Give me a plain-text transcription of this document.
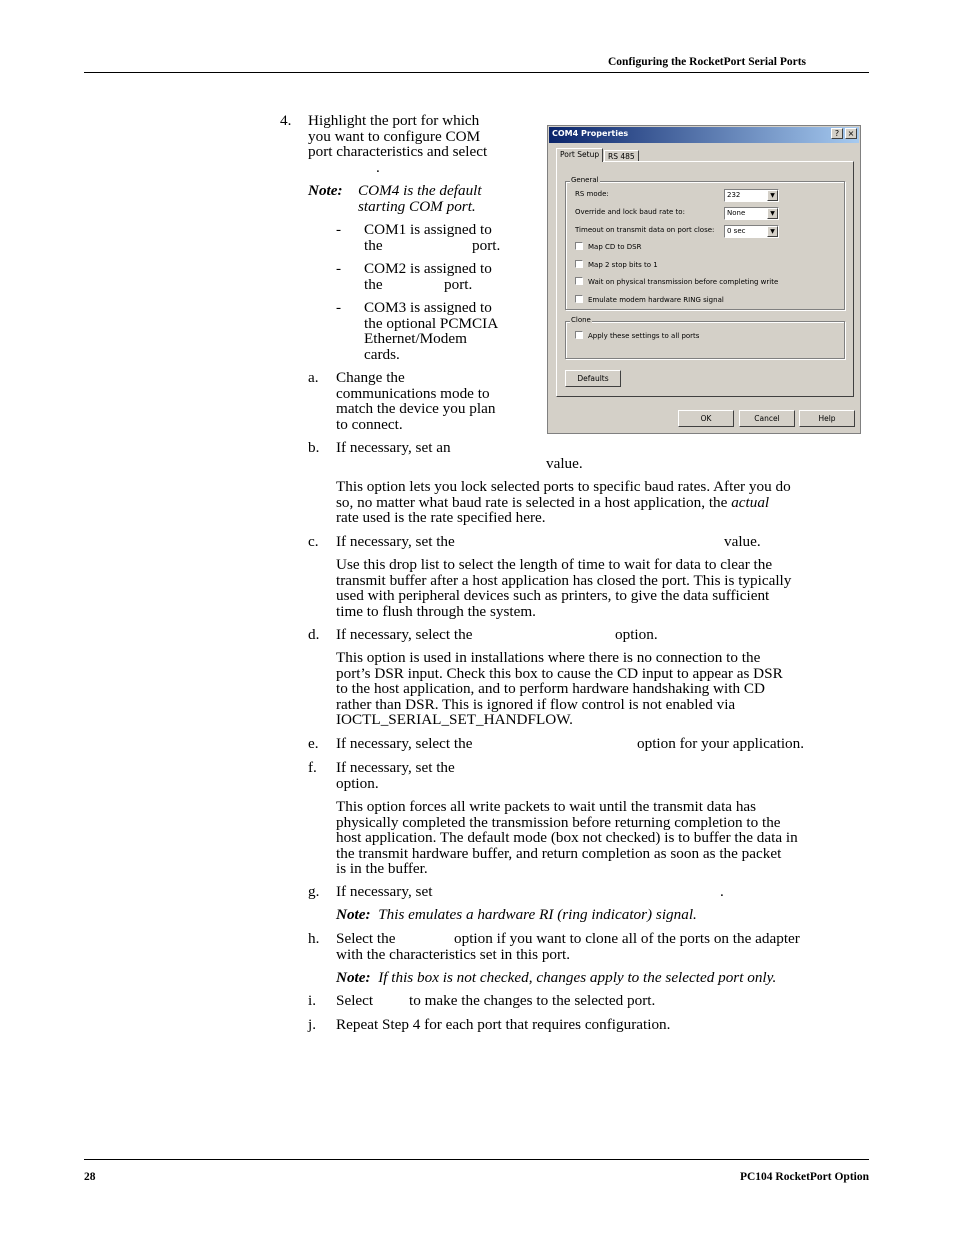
Configuring the RocketPort Serial Ports
4. Highlight the port for which
you want to configure COM
port characteristics and select
.
Note: COM4 is the default
starting COM port.
- COM1 is assigned to
the	port.
- COM2 is assigned to
the	port.
- COM3 is assigned to
the optional PCMCIA
Ethernet/Modem
cards.
a. Change the
communications mode to
match the device you plan
to connect.
b. If necessary, set an
value.
This option lets you lock selected ports to specific baud rates. After you do
so, no matter what baud rate is selected in a host application, the actual
rate used is the rate specified here.
c. If necessary, set the	value.
Use this drop list to select the length of time to wait for data to clear the
transmit buffer after a host application has closed the port. This is typically
used with peripheral devices such as printers, to give the data sufficient
time to flush through the system.
d. If necessary, select the	option.
This option is used in installations where there is no connection to the
port’s DSR input. Check this box to cause the CD input to appear as DSR
to the host application, and to perform hardware handshaking with CD
rather than DSR. This is ignored if flow control is not enabled via
IOCTL_SERIAL_SET_HANDFLOW.
e. If necessary, select the	option for your application.
f. If necessary, set the
option.
This option forces all write packets to wait until the transmit data has
physically completed the transmission before returning completion to the
host application. The default mode (box not checked) is to buffer the data in
the transmit hardware buffer, and return completion as soon as the packet
is in the buffer.
g. If necessary, set	.
Note: This emulates a hardware RI (ring indicator) signal.
h. Select the	option if you want to clone all of the ports on the adapter
with the characteristics set in this port.
Note: If this box is not checked, changes apply to the selected port only.
i. Select to make the changes to the selected port.
j. Repeat Step 4 for each port that requires configuration.
COM4 Properties	?	×
Port Setup	RS 485
General
RS mode:	232	▼
Override and lock baud rate to:	None	▼
Timeout on transmit data on port close:	0 sec	▼
Map CD to DSR
Map 2 stop bits to 1
Wait on physical transmission before completing write
Emulate modem hardware RING signal
Clone
Apply these settings to all ports
Defaults
OK	Cancel	Help
28	PC104 RocketPort Option
